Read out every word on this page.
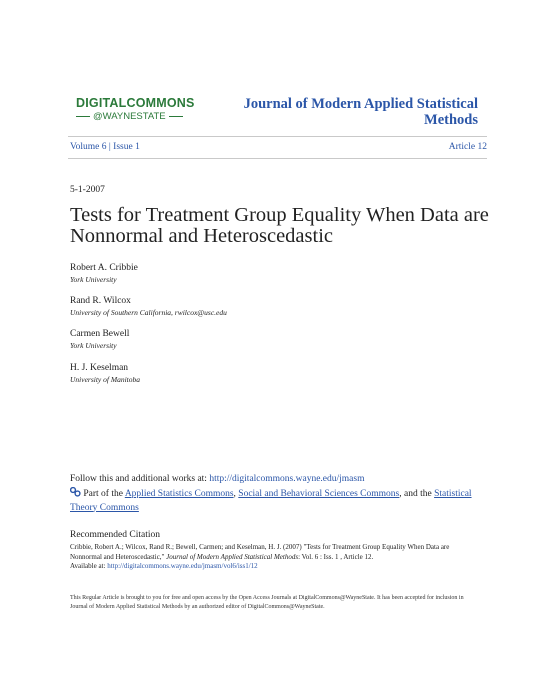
DIGITALCOMMONS
@WAYNESTATE
Journal of Modern Applied Statistical Methods
Volume 6 | Issue 1	Article 12
5-1-2007
Tests for Treatment Group Equality When Data are Nonnormal and Heteroscedastic
Robert A. Cribbie
York University
Rand R. Wilcox
University of Southern California, rwilcox@usc.edu
Carmen Bewell
York University
H. J. Keselman
University of Manitoba
Follow this and additional works at: http://digitalcommons.wayne.edu/jmasm
Part of the Applied Statistics Commons, Social and Behavioral Sciences Commons, and the Statistical Theory Commons
Recommended Citation
Cribbie, Robert A.; Wilcox, Rand R.; Bewell, Carmen; and Keselman, H. J. (2007) "Tests for Treatment Group Equality When Data are Nonnormal and Heteroscedastic," Journal of Modern Applied Statistical Methods: Vol. 6 : Iss. 1 , Article 12.
Available at: http://digitalcommons.wayne.edu/jmasm/vol6/iss1/12
This Regular Article is brought to you for free and open access by the Open Access Journals at DigitalCommons@WayneState. It has been accepted for inclusion in Journal of Modern Applied Statistical Methods by an authorized editor of DigitalCommons@WayneState.
